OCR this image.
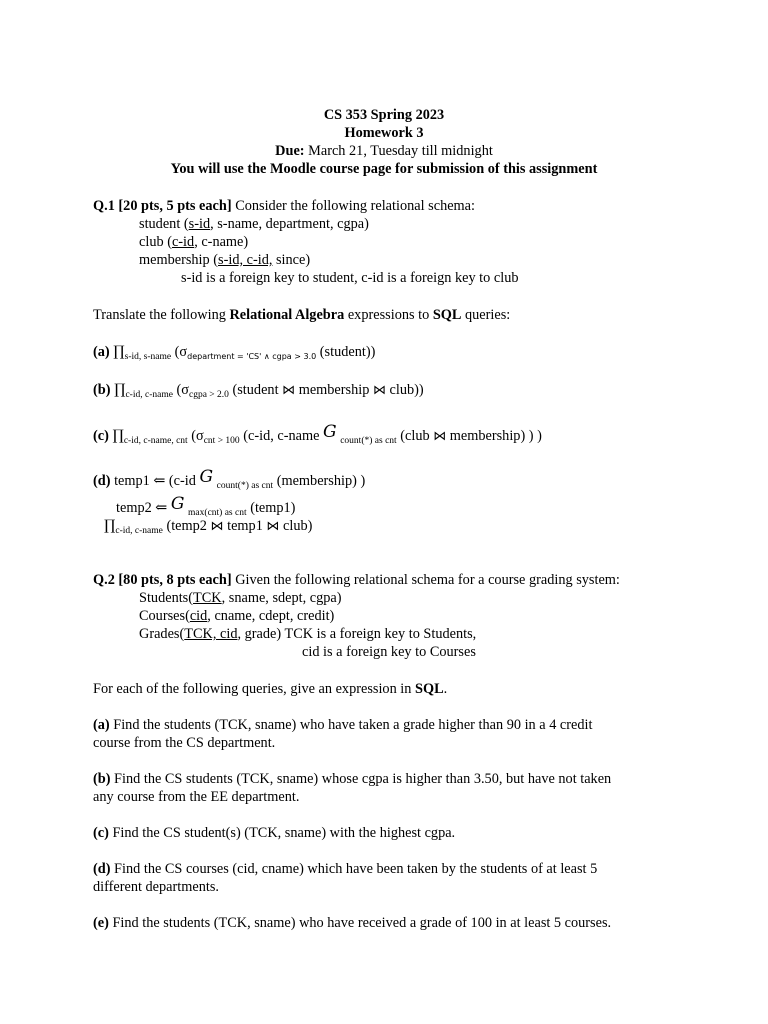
CS 353 Spring 2023
Homework 3
Due: March 21, Tuesday till midnight
You will use the Moodle course page for submission of this assignment
Q.1 [20 pts, 5 pts each] Consider the following relational schema:
student (s-id, s-name, department, cgpa)
club (c-id, c-name)
membership (s-id, c-id, since)
s-id is a foreign key to student, c-id is a foreign key to club
Translate the following Relational Algebra expressions to SQL queries:
(a) $\prod_{s-id, s-name}$ ($\sigma_{department = 'CS' \wedge cgpa > 3.0}$ (student))
(b) $\prod_{c-id, c-name}$ ($\sigma_{cgpa > 2.0}$ (student ⋈ membership ⋈ club))
(c) $\prod_{c-id, c-name, cnt}$ ($\sigma_{cnt > 100}$ (c-id, c-name G $_{count(*) as cnt}$ (club ⋈ membership) ) )
(d) temp1 ⇐ (c-id G $_{count(*) as cnt}$ (membership) )
temp2 ⇐ G $_{max(cnt) as cnt}$ (temp1)
$\prod_{c-id, c-name}$ (temp2 ⋈ temp1 ⋈ club)
Q.2 [80 pts, 8 pts each] Given the following relational schema for a course grading system:
Students(TCK, sname, sdept, cgpa)
Courses(cid, cname, cdept, credit)
Grades(TCK, cid, grade) TCK is a foreign key to Students,
cid is a foreign key to Courses
For each of the following queries, give an expression in SQL.
(a) Find the students (TCK, sname) who have taken a grade higher than 90 in a 4 credit
course from the CS department.
(b) Find the CS students (TCK, sname) whose cgpa is higher than 3.50, but have not taken
any course from the EE department.
(c) Find the CS student(s) (TCK, sname) with the highest cgpa.
(d) Find the CS courses (cid, cname) which have been taken by the students of at least 5
different departments.
(e) Find the students (TCK, sname) who have received a grade of 100 in at least 5 courses.
